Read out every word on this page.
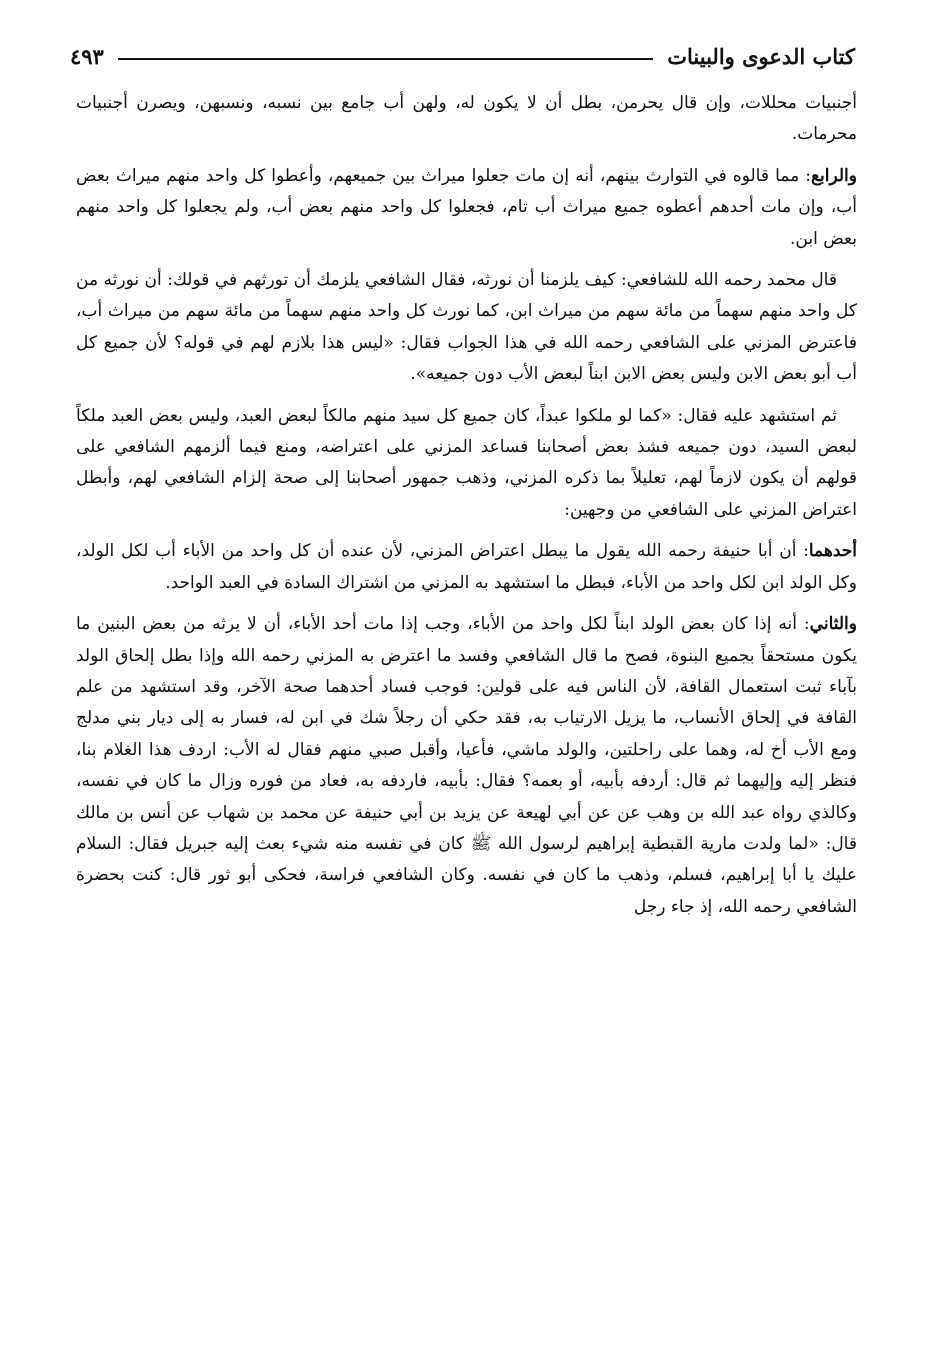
كتاب الدعوى والبينات
٤٩٣

أجنبيات محللات، وإن قال يحرمن، بطل أن لا يكون له، ولهن أب جامع بين نسبه، ونسبهن، ويصرن أجنبيات محرمات.

والرابع: مما قالوه في التوارث بينهم، أنه إن مات جعلوا ميراث بين جميعهم، وأعطوا كل واحد منهم ميراث بعض أب، وإن مات أحدهم أعطوه جميع ميراث أب تام، فجعلوا كل واحد منهم بعض أب، ولم يجعلوا كل واحد منهم بعض ابن.

قال محمد رحمه الله للشافعي: كيف يلزمنا أن نورثه، فقال الشافعي يلزمك أن تورثهم في قولك: أن نورثه من كل واحد منهم سهماً من مائة سهم من ميراث ابن، كما نورث كل واحد منهم سهماً من مائة سهم من ميراث أب، فاعترض المزني على الشافعي رحمه الله في هذا الجواب فقال: «ليس هذا بلازم لهم في قوله؟ لأن جميع كل أب أبو بعض الابن وليس بعض الابن ابناً لبعض الأب دون جميعه».

ثم استشهد عليه فقال: «كما لو ملكوا عبداً، كان جميع كل سيد منهم مالكاً لبعض العبد، وليس بعض العبد ملكاً لبعض السيد، دون جميعه فشذ بعض أصحابنا فساعد المزني على اعتراضه، ومنع فيما ألزمهم الشافعي على قولهم أن يكون لازماً لهم، تعليلاً بما ذكره المزني، وذهب جمهور أصحابنا إلى صحة إلزام الشافعي لهم، وأبطل اعتراض المزني على الشافعي من وجهين:

أحدهما: أن أبا حنيفة رحمه الله يقول ما يبطل اعتراض المزني، لأن عنده أن كل واحد من الأباء أب لكل الولد، وكل الولد ابن لكل واحد من الأباء، فبطل ما استشهد به المزني من اشتراك السادة في العبد الواحد.

والثاني: أنه إذا كان بعض الولد ابناً لكل واحد من الأباء، وجب إذا مات أحد الأباء، أن لا يرثه من بعض البنين ما يكون مستحقاً بجميع البنوة، فصح ما قال الشافعي وفسد ما اعترض به المزني رحمه الله وإذا بطل إلحاق الولد بآباء ثبت استعمال القافة، لأن الناس فيه على قولين: فوجب فساد أحدهما صحة الآخر، وقد استشهد من علم القافة في إلحاق الأنساب، ما يزيل الارتياب به، فقد حكي أن رجلاً شك في ابن له، فسار به إلى ديار بني مدلج ومع الأب أخ له، وهما على راحلتين، والولد ماشي، فأعيا، وأقبل صبي منهم فقال له الأب: اردف هذا الغلام بنا، فنظر إليه وإليهما ثم قال: أردفه بأبيه، أو بعمه؟ فقال: بأبيه، فاردفه به، فعاد من فوره وزال ما كان في نفسه، وكالذي رواه عبد الله بن وهب عن عن أبي لهيعة عن يزيد بن أبي حنيفة عن محمد بن شهاب عن أنس بن مالك قال: «لما ولدت مارية القبطية إبراهيم لرسول الله ﷺ كان في نفسه منه شيء بعث إليه جبريل فقال: السلام عليك يا أبا إبراهيم، فسلم، وذهب ما كان في نفسه. وكان الشافعي فراسة، فحكى أبو ثور قال: كنت بحضرة الشافعي رحمه الله، إذ جاء رجل
